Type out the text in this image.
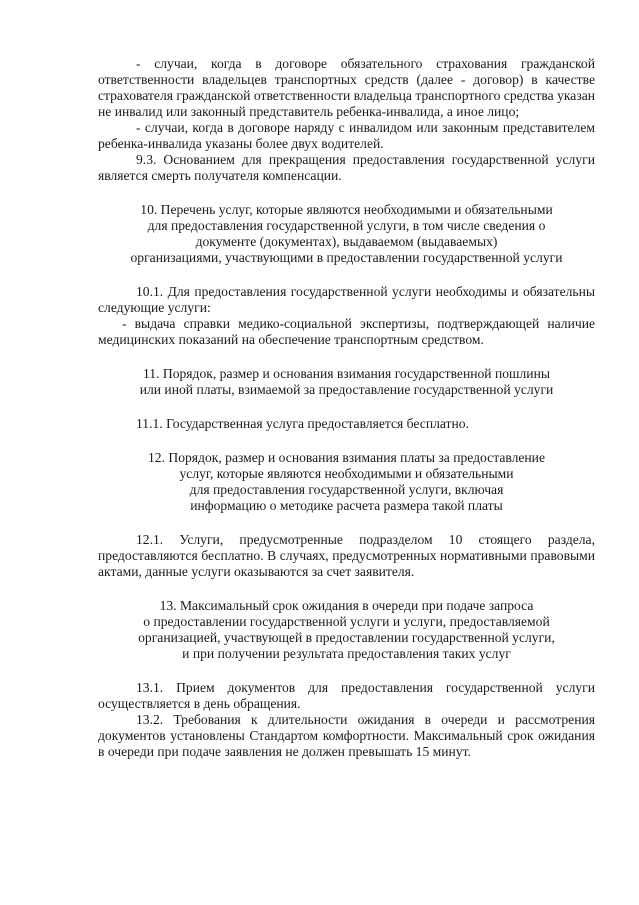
- случаи, когда в договоре обязательного страхования гражданской ответственности владельцев транспортных средств (далее - договор) в качестве страхователя гражданской ответственности владельца транспортного средства указан не инвалид или законный представитель ребенка-инвалида, а иное лицо;

- случаи, когда в договоре наряду с инвалидом или законным представителем ребенка-инвалида указаны более двух водителей.

9.3. Основанием для прекращения предоставления государственной услуги является смерть получателя компенсации.

10. Перечень услуг, которые являются необходимыми и обязательными
для предоставления государственной услуги, в том числе сведения о
документе (документах), выдаваемом (выдаваемых)
организациями, участвующими в предоставлении государственной услуги

10.1. Для предоставления государственной услуги необходимы и обязательны следующие услуги:

- выдача справки медико-социальной экспертизы, подтверждающей наличие медицинских показаний на обеспечение транспортным средством.

11. Порядок, размер и основания взимания государственной пошлины
или иной платы, взимаемой за предоставление государственной услуги

11.1. Государственная услуга предоставляется бесплатно.

12. Порядок, размер и основания взимания платы за предоставление
услуг, которые являются необходимыми и обязательными
для предоставления государственной услуги, включая
информацию о методике расчета размера такой платы

12.1. Услуги, предусмотренные подразделом 10 стоящего раздела, предоставляются бесплатно. В случаях, предусмотренных нормативными правовыми актами, данные услуги оказываются за счет заявителя.

13. Максимальный срок ожидания в очереди при подаче запроса
о предоставлении государственной услуги и услуги, предоставляемой
организацией, участвующей в предоставлении государственной услуги,
и при получении результата предоставления таких услуг

13.1. Прием документов для предоставления государственной услуги осуществляется в день обращения.

13.2. Требования к длительности ожидания в очереди и рассмотрения документов установлены Стандартом комфортности. Максимальный срок ожидания в очереди при подаче заявления не должен превышать 15 минут.
